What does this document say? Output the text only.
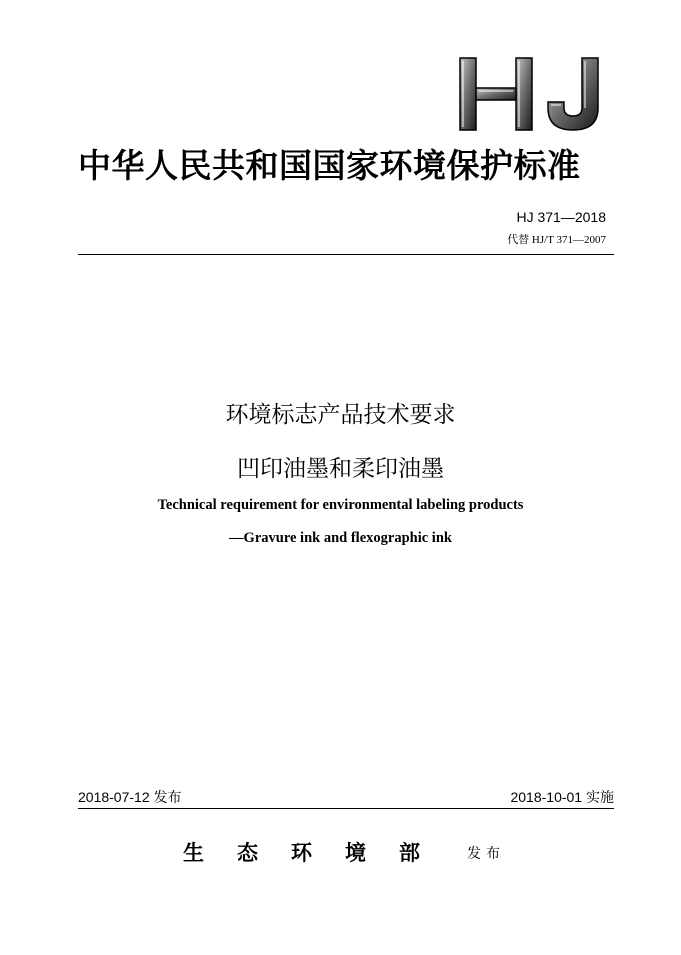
中华人民共和国国家环境保护标准
HJ 371—2018
代替 HJ/T 371—2007
环境标志产品技术要求
凹印油墨和柔印油墨
Technical requirement for environmental labeling products
—Gravure ink and flexographic ink
2018-07-12 发布	2018-10-01 实施
生态环境部 发布
